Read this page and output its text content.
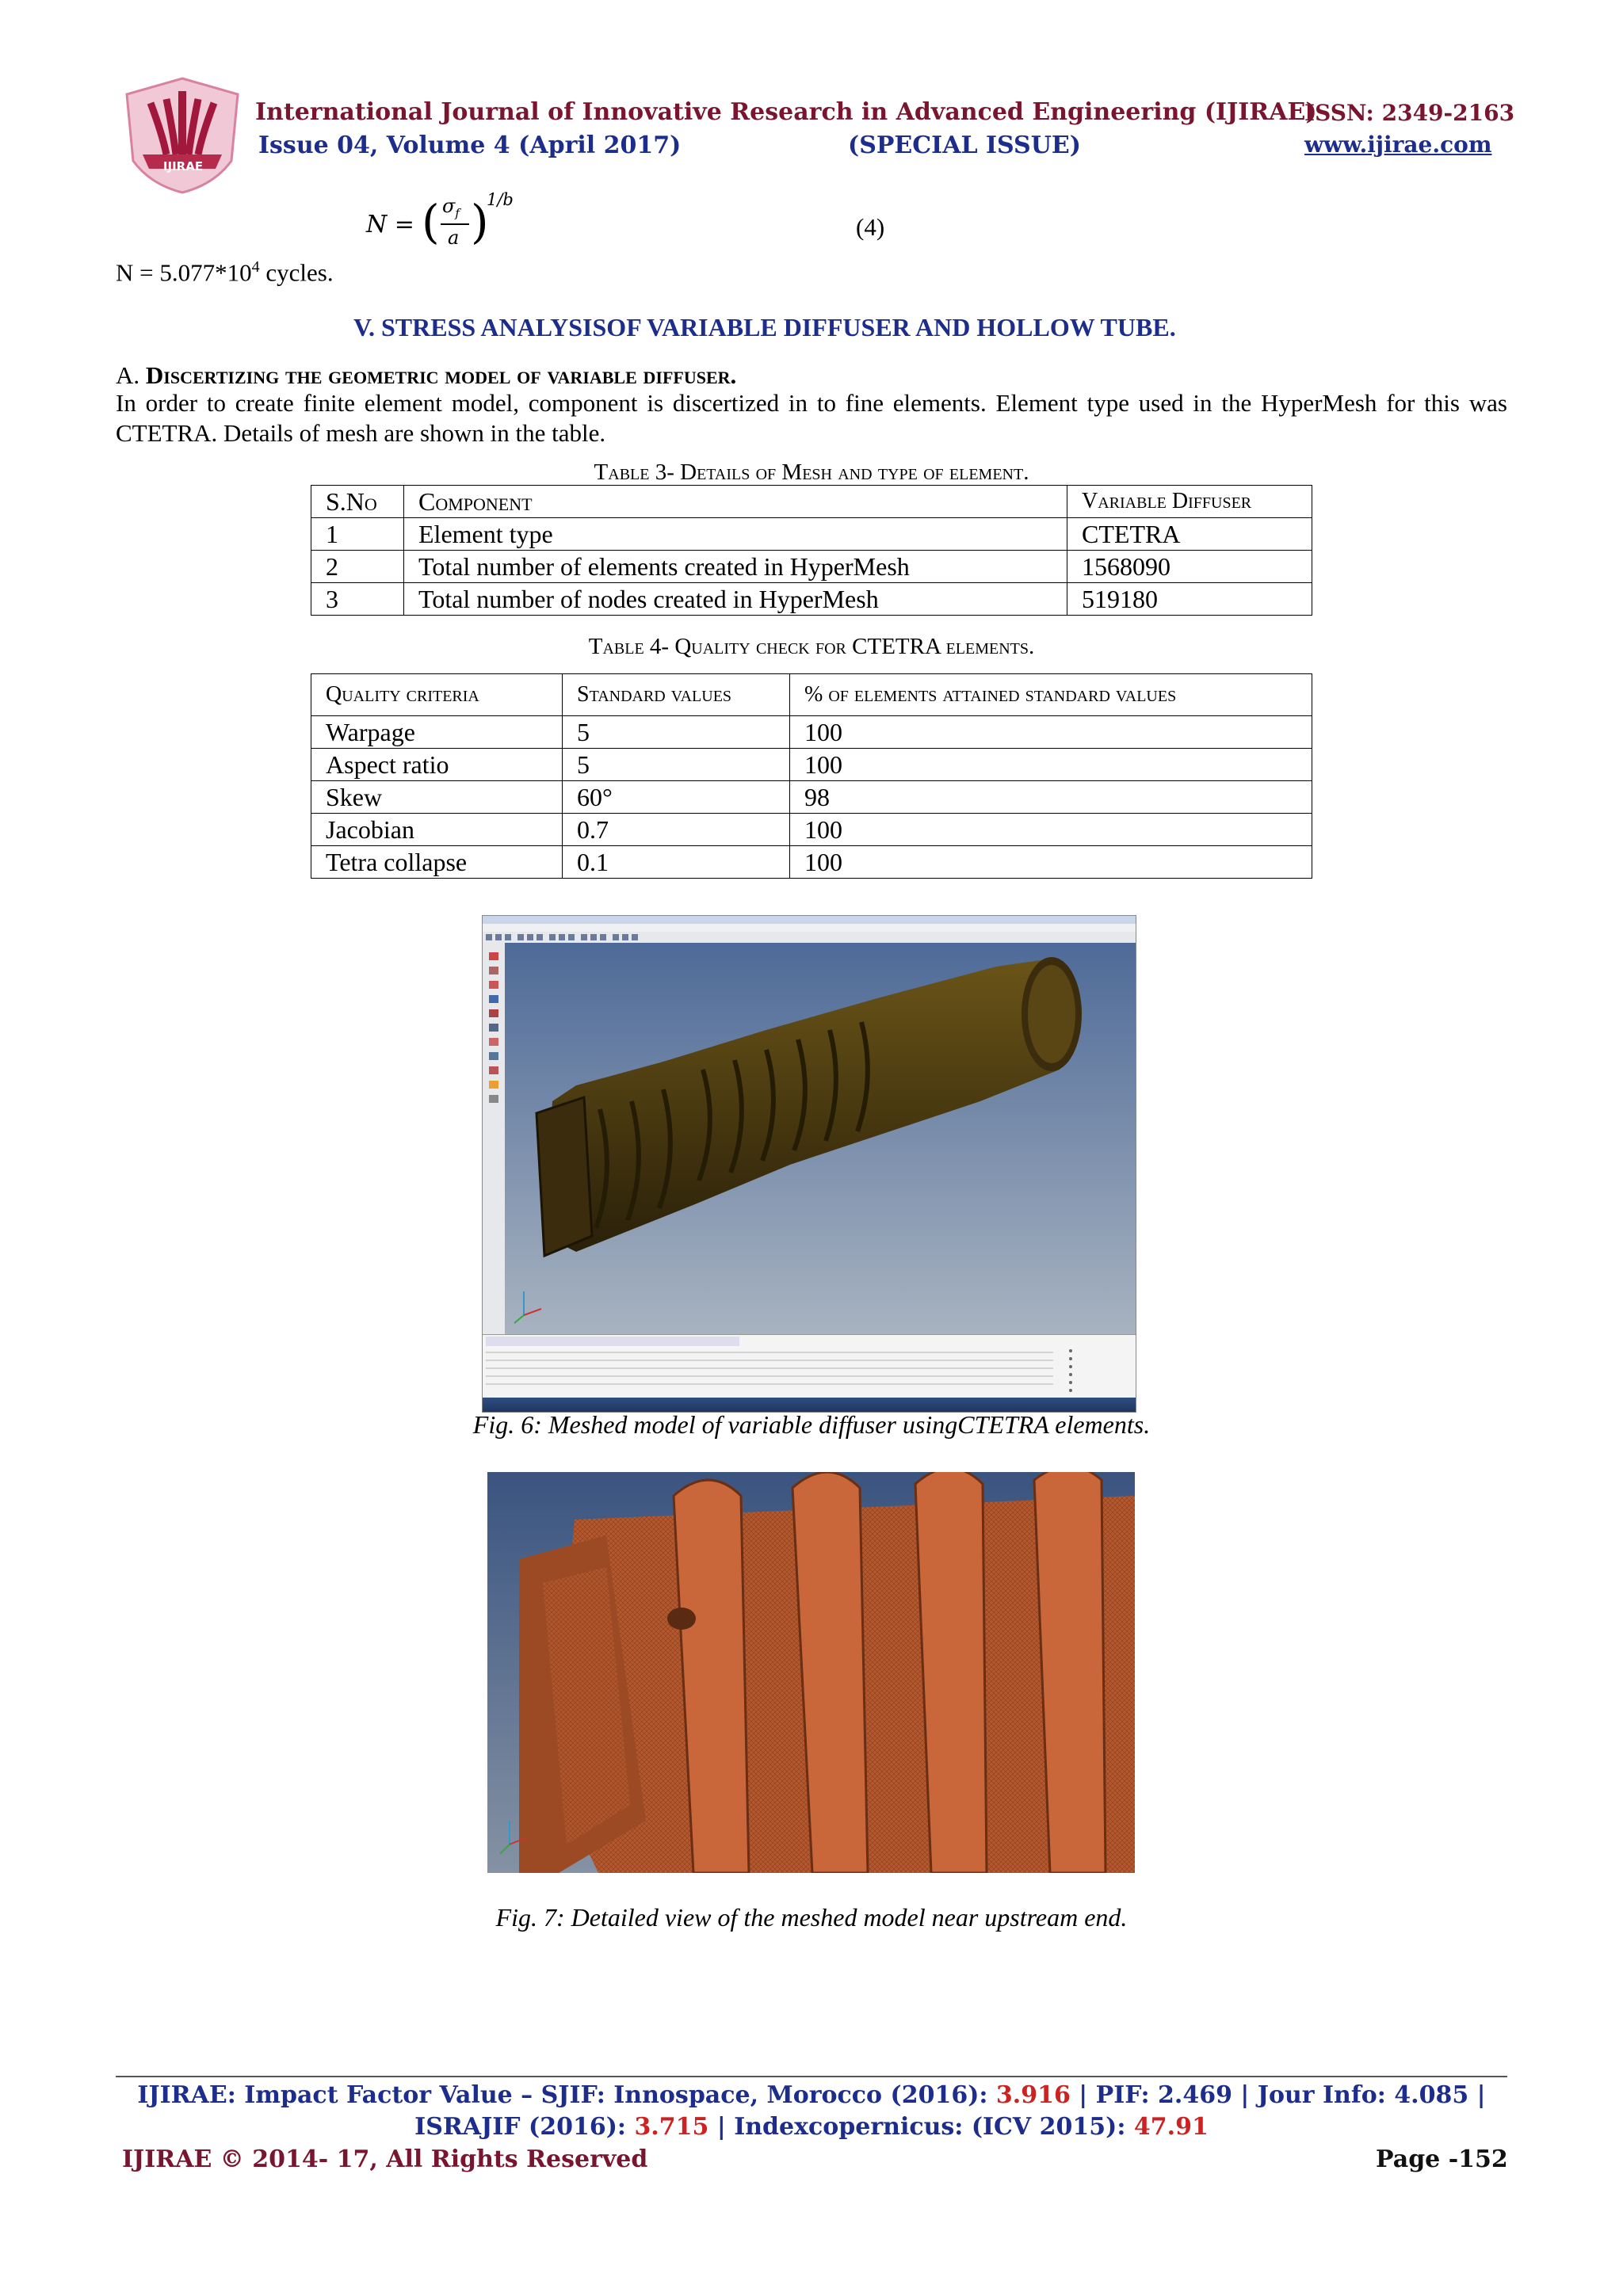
IJIRAE
International Journal of Innovative Research in Advanced Engineering (IJIRAE)
ISSN: 2349-2163
Issue 04, Volume 4 (April 2017)	(SPECIAL ISSUE)	www.ijirae.com
N = ( $\sigma_f$
a )
1/b
(4)
$N = 5.077*10^4$ cycles.
V. STRESS ANALYSISOF VARIABLE DIFFUSER AND HOLLOW TUBE.
A. Discertizing the geometric model of variable diffuser.
In order to create finite element model, component is discertized in to fine elements. Element type used in the HyperMesh for this was CTETRA. Details of mesh are shown in the table.
Table 3- Details of Mesh and type of element.
S.No	Component	Variable Diffuser
1	Element type	CTETRA
2	Total number of elements created in HyperMesh	1568090
3	Total number of nodes created in HyperMesh	519180
Table 4- Quality check for CTETRA elements.
Quality criteria	Standard values	% of elements attained standard values
Warpage	5	100
Aspect ratio	5	100
Skew	60°	98
Jacobian	0.7	100
Tetra collapse	0.1	100
Fig. 6: Meshed model of variable diffuser usingCTETRA elements.
Fig. 7: Detailed view of the meshed model near upstream end.
IJIRAE: Impact Factor Value – SJIF: Innospace, Morocco (2016): 3.916 | PIF: 2.469 | Jour Info: 4.085 |
ISRAJIF (2016): 3.715 | Indexcopernicus: (ICV 2015): 47.91
IJIRAE © 2014- 17, All Rights Reserved	Page -152
